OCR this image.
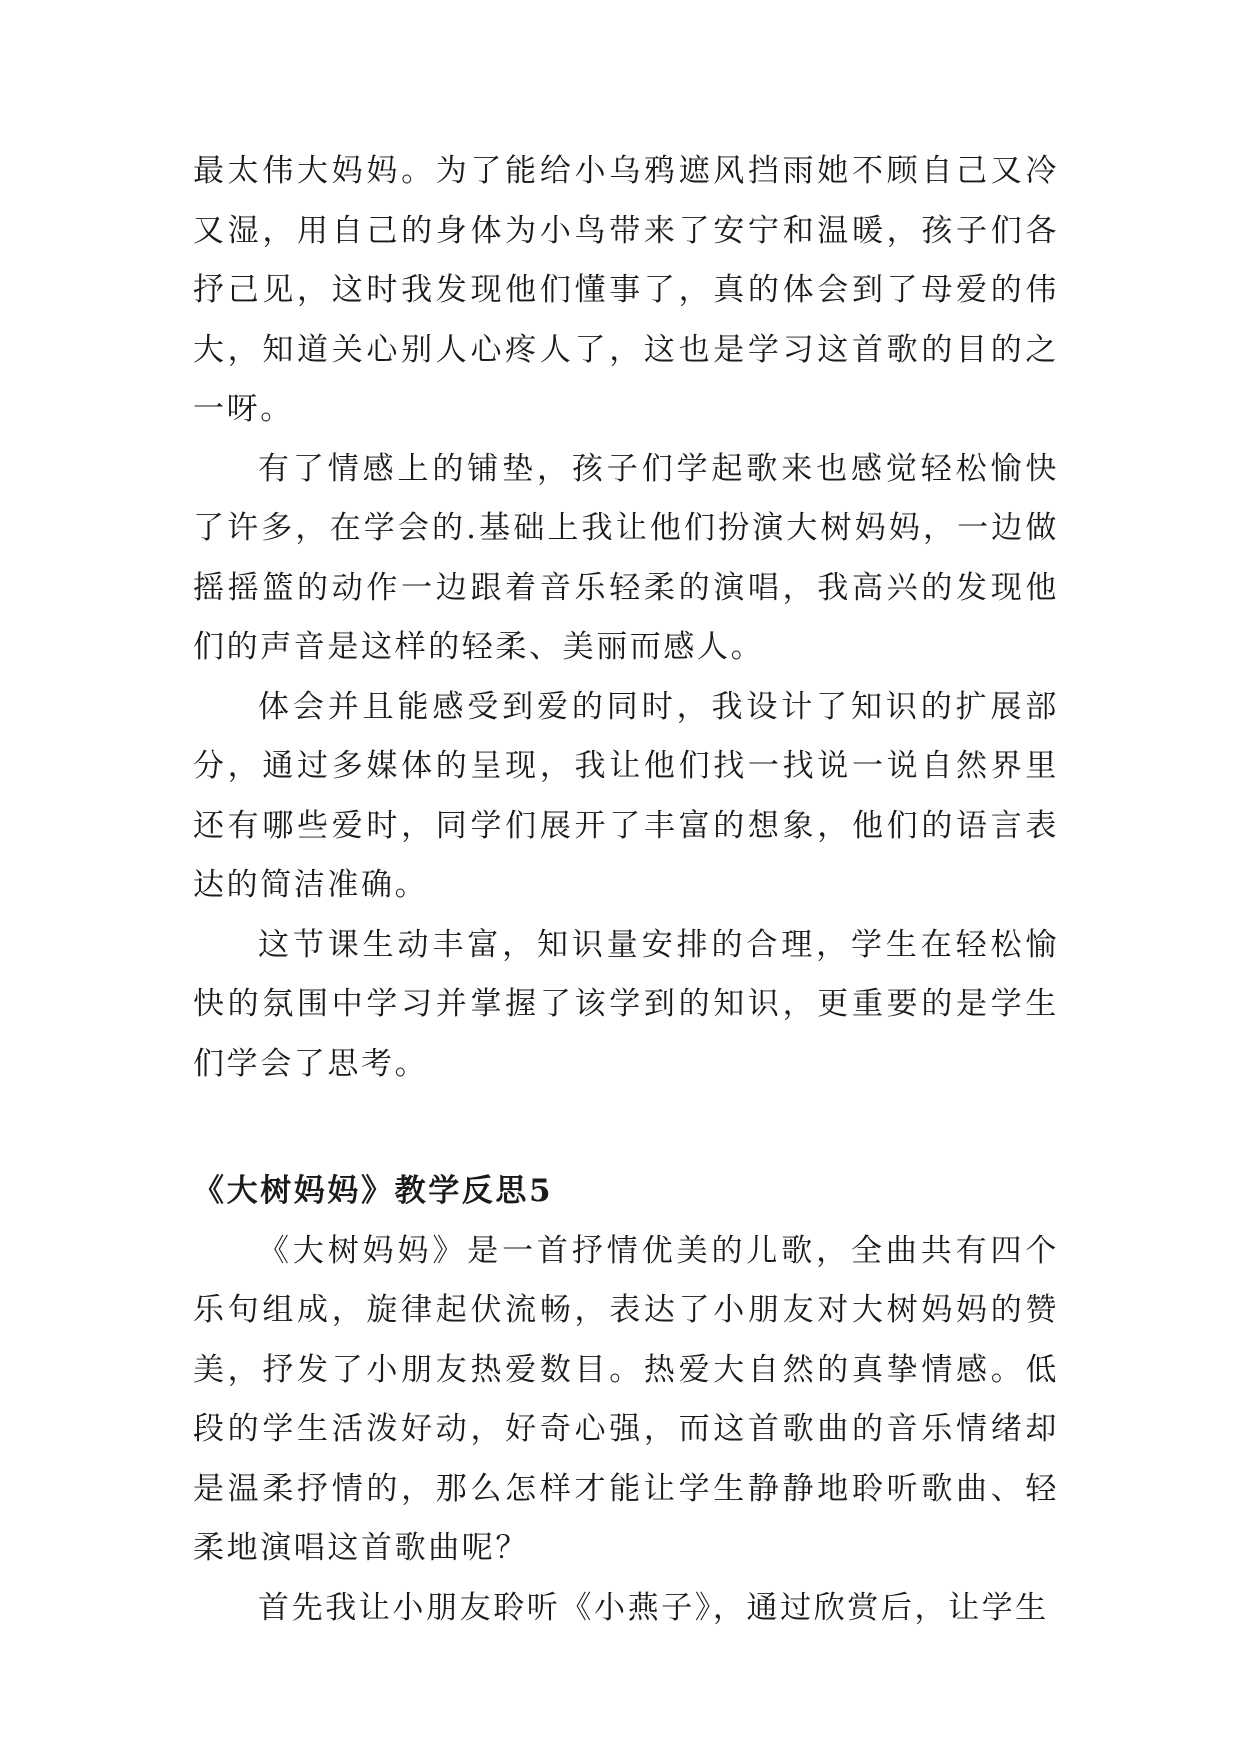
最太伟大妈妈。为了能给小乌鸦遮风挡雨她不顾自己又冷又湿，用自己的身体为小鸟带来了安宁和温暖，孩子们各抒己见，这时我发现他们懂事了，真的体会到了母爱的伟大，知道关心别人心疼人了，这也是学习这首歌的目的之一呀。

有了情感上的铺垫，孩子们学起歌来也感觉轻松愉快了许多，在学会的.基础上我让他们扮演大树妈妈，一边做摇摇篮的动作一边跟着音乐轻柔的演唱，我高兴的发现他们的声音是这样的轻柔、美丽而感人。

体会并且能感受到爱的同时，我设计了知识的扩展部分，通过多媒体的呈现，我让他们找一找说一说自然界里还有哪些爱时，同学们展开了丰富的想象，他们的语言表达的简洁准确。

这节课生动丰富，知识量安排的合理，学生在轻松愉快的氛围中学习并掌握了该学到的知识，更重要的是学生们学会了思考。

《大树妈妈》教学反思5

《大树妈妈》是一首抒情优美的儿歌，全曲共有四个乐句组成，旋律起伏流畅，表达了小朋友对大树妈妈的赞美，抒发了小朋友热爱数目。热爱大自然的真挚情感。低段的学生活泼好动，好奇心强，而这首歌曲的音乐情绪却是温柔抒情的，那么怎样才能让学生静静地聆听歌曲、轻柔地演唱这首歌曲呢？

首先我让小朋友聆听《小燕子》，通过欣赏后，让学生
